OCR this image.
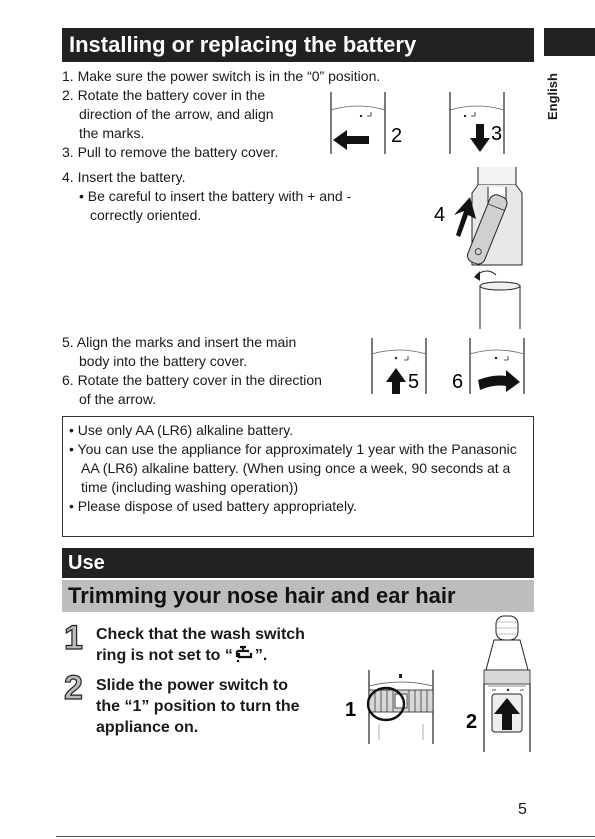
Installing or replacing the battery
English
1. Make sure the power switch is in the “0” position.
2. Rotate the battery cover in the
direction of the arrow, and align
the marks.
3. Pull to remove the battery cover.
2	3
4. Insert the battery.
• Be careful to insert the battery with + and -
correctly oriented.	4
5. Align the marks and insert the main
body into the battery cover.
6. Rotate the battery cover in the direction
of the arrow.
5 6
• Use only AA (LR6) alkaline battery.
• You can use the appliance for approximately 1 year with the Panasonic AA (LR6) alkaline battery. (When using once a week, 90 seconds at a time (including washing operation))
• Please dispose of used battery appropriately.
Use
Trimming your nose hair and ear hair
1 Check that the wash switch
ring is not set to “ ”.
2 Slide the power switch to
the “1” position to turn the
appliance on.
1
2
5
